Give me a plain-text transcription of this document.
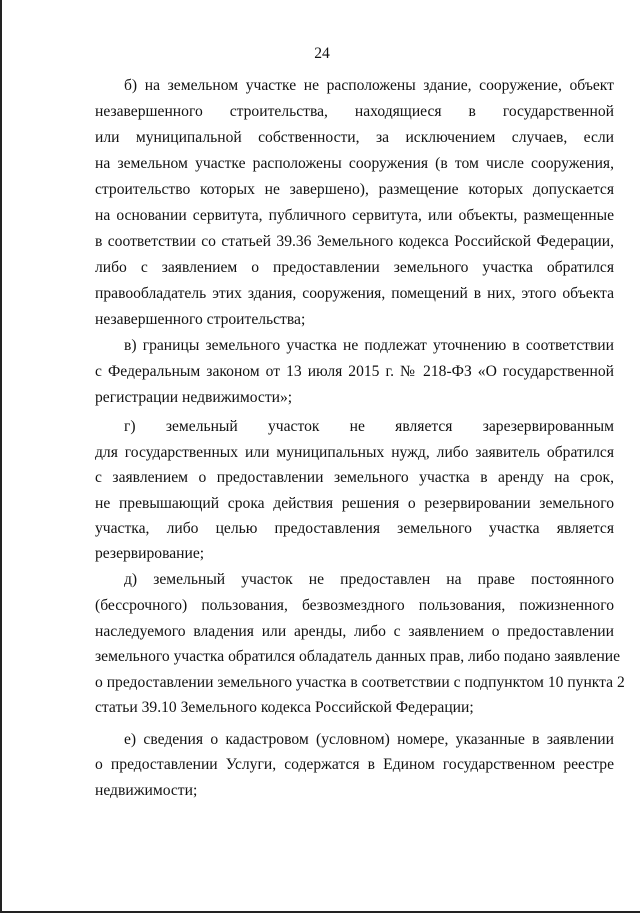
24
б) на земельном участке не расположены здание, сооружение, объект
незавершенного строительства, находящиеся в государственной
или муниципальной собственности, за исключением случаев, если
на земельном участке расположены сооружения (в том числе сооружения,
строительство которых не завершено), размещение которых допускается
на основании сервитута, публичного сервитута, или объекты, размещенные
в соответствии со статьей 39.36 Земельного кодекса Российской Федерации,
либо с заявлением о предоставлении земельного участка обратился
правообладатель этих здания, сооружения, помещений в них, этого объекта
незавершенного строительства;
в) границы земельного участка не подлежат уточнению в соответствии
с Федеральным законом от 13 июля 2015 г. № 218-ФЗ «О государственной
регистрации недвижимости»;
г) земельный участок не является зарезервированным
для государственных или муниципальных нужд, либо заявитель обратился
с заявлением о предоставлении земельного участка в аренду на срок,
не превышающий срока действия решения о резервировании земельного
участка, либо целью предоставления земельного участка является
резервирование;
д) земельный участок не предоставлен на праве постоянного
(бессрочного) пользования, безвозмездного пользования, пожизненного
наследуемого владения или аренды, либо с заявлением о предоставлении
земельного участка обратился обладатель данных прав, либо подано заявление
о предоставлении земельного участка в соответствии с подпунктом 10 пункта 2
статьи 39.10 Земельного кодекса Российской Федерации;
е) сведения о кадастровом (условном) номере, указанные в заявлении
о предоставлении Услуги, содержатся в Едином государственном реестре
недвижимости;
